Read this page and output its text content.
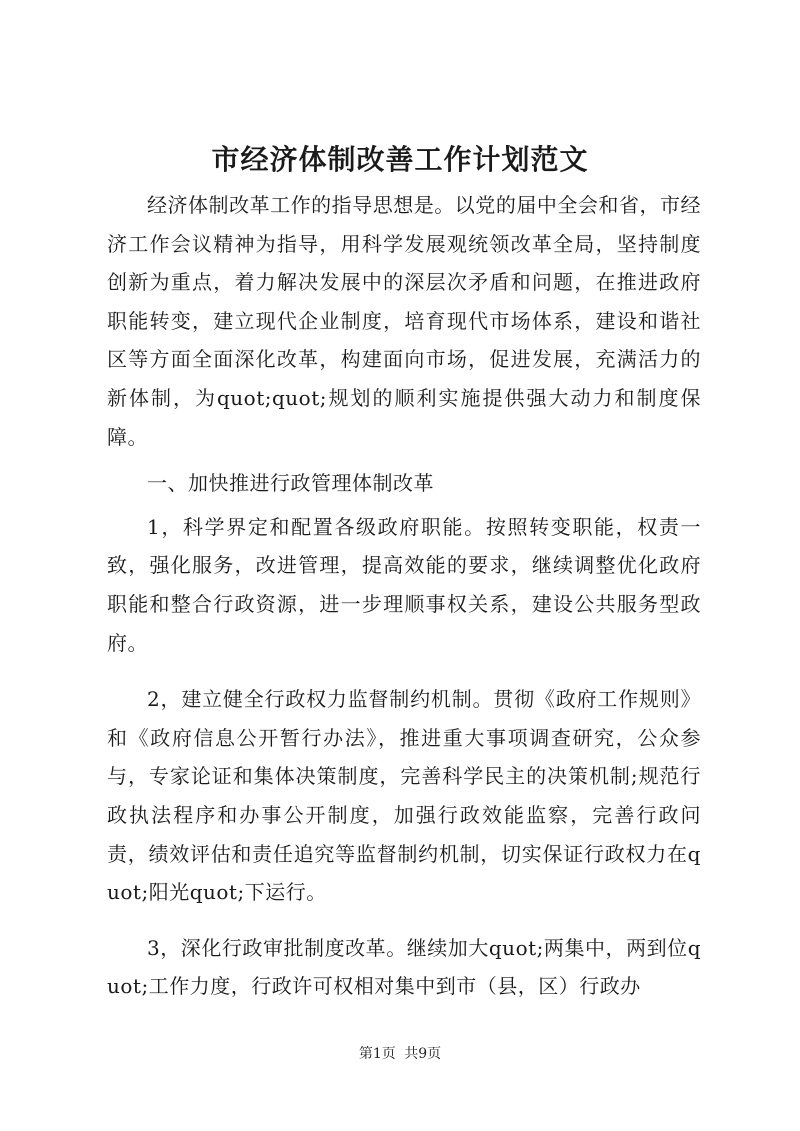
市经济体制改善工作计划范文

经济体制改革工作的指导思想是。以党的届中全会和省，市经济工作会议精神为指导，用科学发展观统领改革全局，坚持制度创新为重点，着力解决发展中的深层次矛盾和问题，在推进政府职能转变，建立现代企业制度，培育现代市场体系，建设和谐社区等方面全面深化改革，构建面向市场，促进发展，充满活力的新体制，为quot;quot;规划的顺利实施提供强大动力和制度保障。

一、加快推进行政管理体制改革

1，科学界定和配置各级政府职能。按照转变职能，权责一致，强化服务，改进管理，提高效能的要求，继续调整优化政府职能和整合行政资源，进一步理顺事权关系，建设公共服务型政府。

2，建立健全行政权力监督制约机制。贯彻《政府工作规则》和《政府信息公开暂行办法》，推进重大事项调查研究，公众参与，专家论证和集体决策制度，完善科学民主的决策机制;规范行政执法程序和办事公开制度，加强行政效能监察，完善行政问责，绩效评估和责任追究等监督制约机制，切实保证行政权力在quot;阳光quot;下运行。

3，深化行政审批制度改革。继续加大quot;两集中，两到位quot;工作力度，行政许可权相对集中到市（县，区）行政办

第1页 共9页
